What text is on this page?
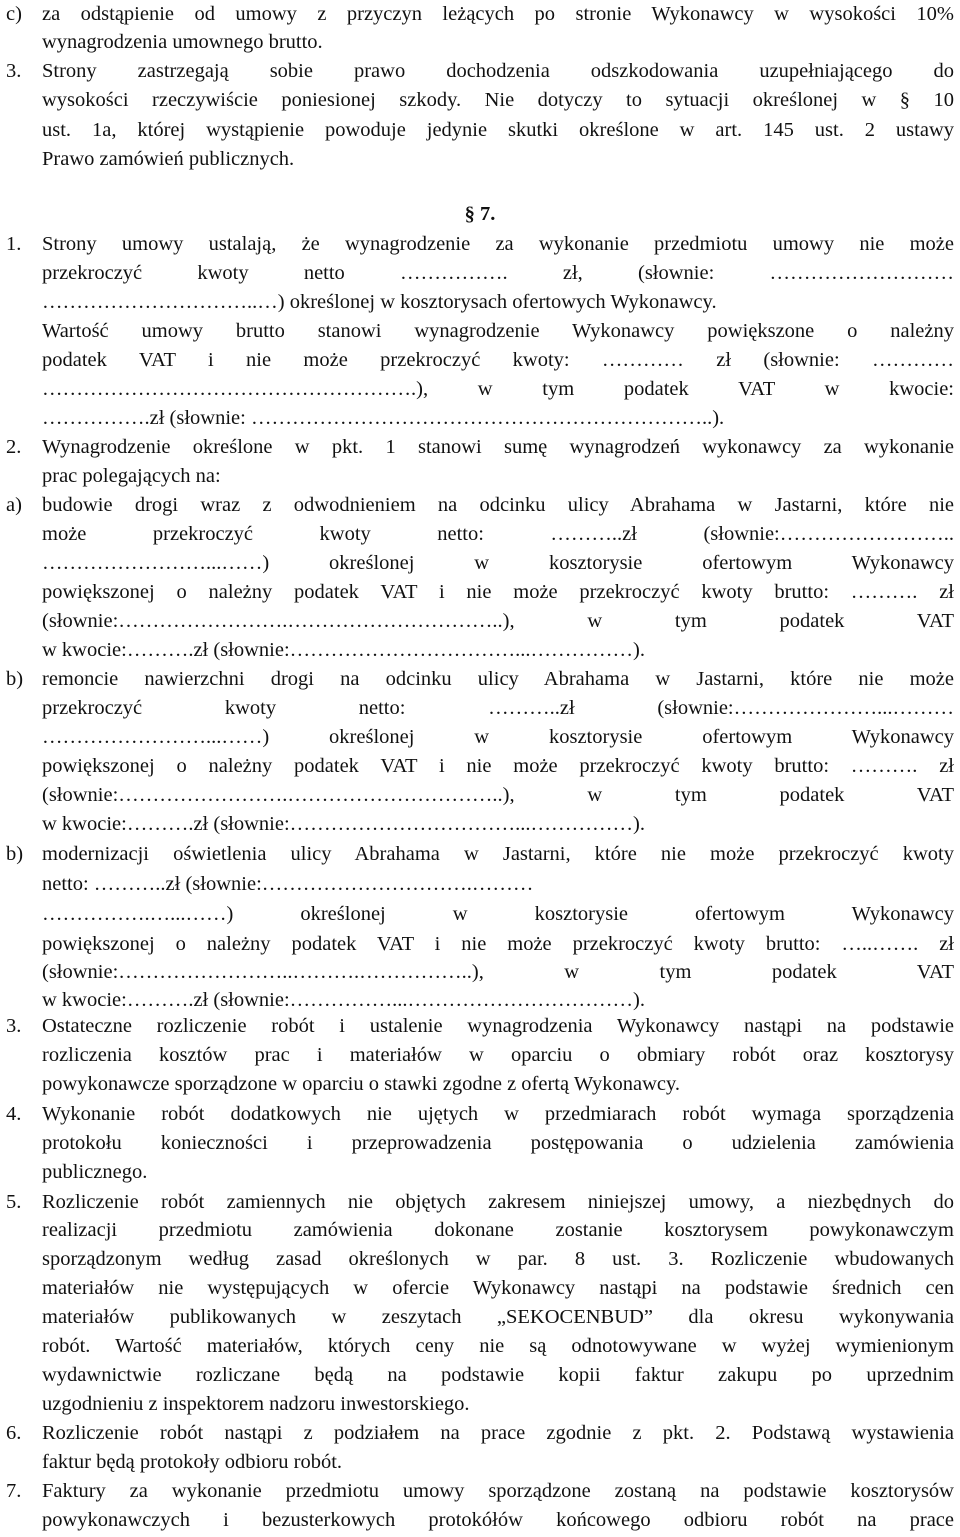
§ 7.
c) za odstąpienie od umowy z przyczyn leżących po stronie Wykonawcy w wysokości 10%
wynagrodzenia umownego brutto.
3. Strony zastrzegają sobie prawo dochodzenia odszkodowania uzupełniającego do
wysokości rzeczywiście poniesionej szkody. Nie dotyczy to sytuacji określonej w § 10
ust. 1a, której wystąpienie powoduje jedynie skutki określone w art. 145 ust. 2 ustawy
Prawo zamówień publicznych.
1. Strony umowy ustalają, że wynagrodzenie za wykonanie przedmiotu umowy nie może
przekroczyć kwoty netto ……………. zł, (słownie: ………………………
…………………………..…) określonej w kosztorysach ofertowych Wykonawcy.
Wartość umowy brutto stanowi wynagrodzenie Wykonawcy powiększone o należny
podatek VAT i nie może przekroczyć kwoty: ………… zł (słownie: …………
……………………………………………….), w tym podatek VAT w kwocie:
…………….zł (słownie: …………………………………………………………..).
2. Wynagrodzenie określone w pkt. 1 stanowi sumę wynagrodzeń wykonawcy za wykonanie
prac polegających na:
a) budowie drogi wraz z odwodnieniem na odcinku ulicy Abrahama w Jastarni, które nie
może przekroczyć kwoty netto: ………..zł (słownie:……………………..
……………………...……) określonej w kosztorysie ofertowym Wykonawcy
powiększonej o należny podatek VAT i nie może przekroczyć kwoty brutto: ………. zł
(słownie:…………………….…………………………..), w tym podatek VAT
w kwocie:……….zł (słownie:……………………………...……………).
b) remoncie nawierzchni drogi na odcinku ulicy Abrahama w Jastarni, które nie może
przekroczyć kwoty netto: ………..zł (słownie:…………………...………
……………………...……) określonej w kosztorysie ofertowym Wykonawcy
powiększonej o należny podatek VAT i nie może przekroczyć kwoty brutto: ………. zł
(słownie:…………………….…………………………..), w tym podatek VAT
w kwocie:……….zł (słownie:……………………………...……………).
b) modernizacji oświetlenia ulicy Abrahama w Jastarni, które nie może przekroczyć kwoty
netto: ………..zł (słownie:………………………….………
…………….…...……) określonej w kosztorysie ofertowym Wykonawcy
powiększonej o należny podatek VAT i nie może przekroczyć kwoty brutto: …..……. zł
(słownie:……………………..……….……………..), w tym podatek VAT
w kwocie:……….zł (słownie:……………...……………………………).
3. Ostateczne rozliczenie robót i ustalenie wynagrodzenia Wykonawcy nastąpi na podstawie
rozliczenia kosztów prac i materiałów w oparciu o obmiary robót oraz kosztorysy
powykonawcze sporządzone w oparciu o stawki zgodne z ofertą Wykonawcy.
4. Wykonanie robót dodatkowych nie ujętych w przedmiarach robót wymaga sporządzenia
protokołu konieczności i przeprowadzenia postępowania o udzielenia zamówienia
publicznego.
5. Rozliczenie robót zamiennych nie objętych zakresem niniejszej umowy, a niezbędnych do
realizacji przedmiotu zamówienia dokonane zostanie kosztorysem powykonawczym
sporządzonym według zasad określonych w par. 8 ust. 3. Rozliczenie wbudowanych
materiałów nie występujących w ofercie Wykonawcy nastąpi na podstawie średnich cen
materiałów publikowanych w zeszytach „SEKOCENBUD” dla okresu wykonywania
robót. Wartość materiałów, których ceny nie są odnotowywane w wyżej wymienionym
wydawnictwie rozliczane będą na podstawie kopii faktur zakupu po uprzednim
uzgodnieniu z inspektorem nadzoru inwestorskiego.
6. Rozliczenie robót nastąpi z podziałem na prace zgodnie z pkt. 2. Podstawą wystawienia
faktur będą protokoły odbioru robót.
7. Faktury za wykonanie przedmiotu umowy sporządzone zostaną na podstawie kosztorysów
powykonawczych i bezusterkowych protokółów końcowego odbioru robót na prace
